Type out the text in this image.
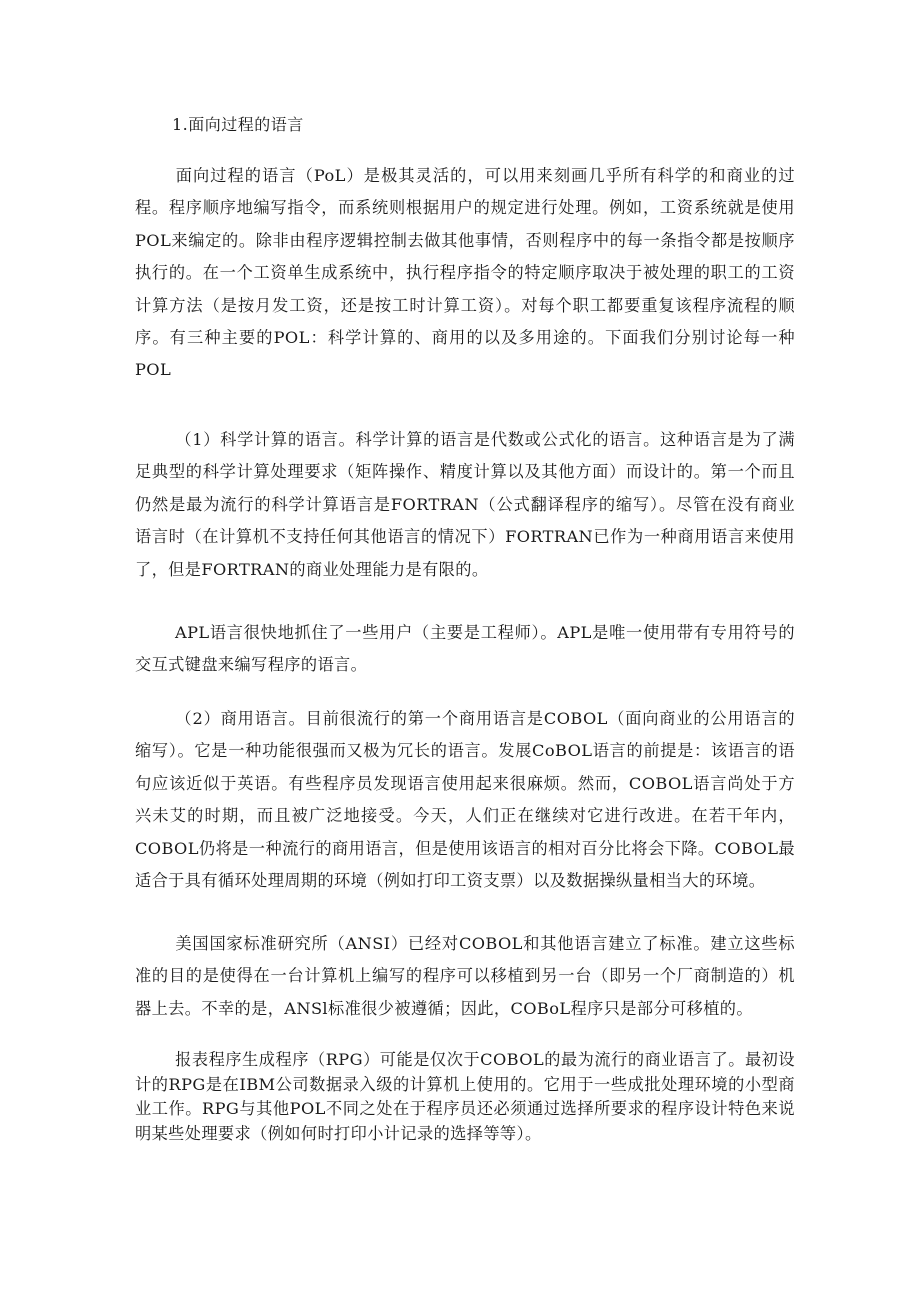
1.面向过程的语言

面向过程的语言（PoL）是极其灵活的，可以用来刻画几乎所有科学的和商业的过程。程序顺序地编写指令，而系统则根据用户的规定进行处理。例如，工资系统就是使用POL来编定的。除非由程序逻辑控制去做其他事情，否则程序中的每一条指令都是按顺序执行的。在一个工资单生成系统中，执行程序指令的特定顺序取决于被处理的职工的工资计算方法（是按月发工资，还是按工时计算工资）。对每个职工都要重复该程序流程的顺序。有三种主要的POL：科学计算的、商用的以及多用途的。下面我们分别讨论每一种POL

（1）科学计算的语言。科学计算的语言是代数或公式化的语言。这种语言是为了满足典型的科学计算处理要求（矩阵操作、精度计算以及其他方面）而设计的。第一个而且仍然是最为流行的科学计算语言是FORTRAN（公式翻译程序的缩写）。尽管在没有商业语言时（在计算机不支持任何其他语言的情况下）FORTRAN已作为一种商用语言来使用了，但是FORTRAN的商业处理能力是有限的。

APL语言很快地抓住了一些用户（主要是工程师）。APL是唯一使用带有专用符号的交互式键盘来编写程序的语言。

（2）商用语言。目前很流行的第一个商用语言是COBOL（面向商业的公用语言的缩写）。它是一种功能很强而又极为冗长的语言。发展CoBOL语言的前提是：该语言的语句应该近似于英语。有些程序员发现语言使用起来很麻烦。然而，COBOL语言尚处于方兴未艾的时期，而且被广泛地接受。今天，人们正在继续对它进行改进。在若干年内，COBOL仍将是一种流行的商用语言，但是使用该语言的相对百分比将会下降。COBOL最适合于具有循环处理周期的环境（例如打印工资支票）以及数据操纵量相当大的环境。

美国国家标准研究所（ANSI）已经对COBOL和其他语言建立了标准。建立这些标准的目的是使得在一台计算机上编写的程序可以移植到另一台（即另一个厂商制造的）机器上去。不幸的是，ANSl标准很少被遵循；因此，COBoL程序只是部分可移植的。

报表程序生成程序（RPG）可能是仅次于COBOL的最为流行的商业语言了。最初设计的RPG是在IBM公司数据录入级的计算机上使用的。它用于一些成批处理环境的小型商业工作。RPG与其他POL不同之处在于程序员还必须通过选择所要求的程序设计特色来说明某些处理要求（例如何时打印小计记录的选择等等）。
